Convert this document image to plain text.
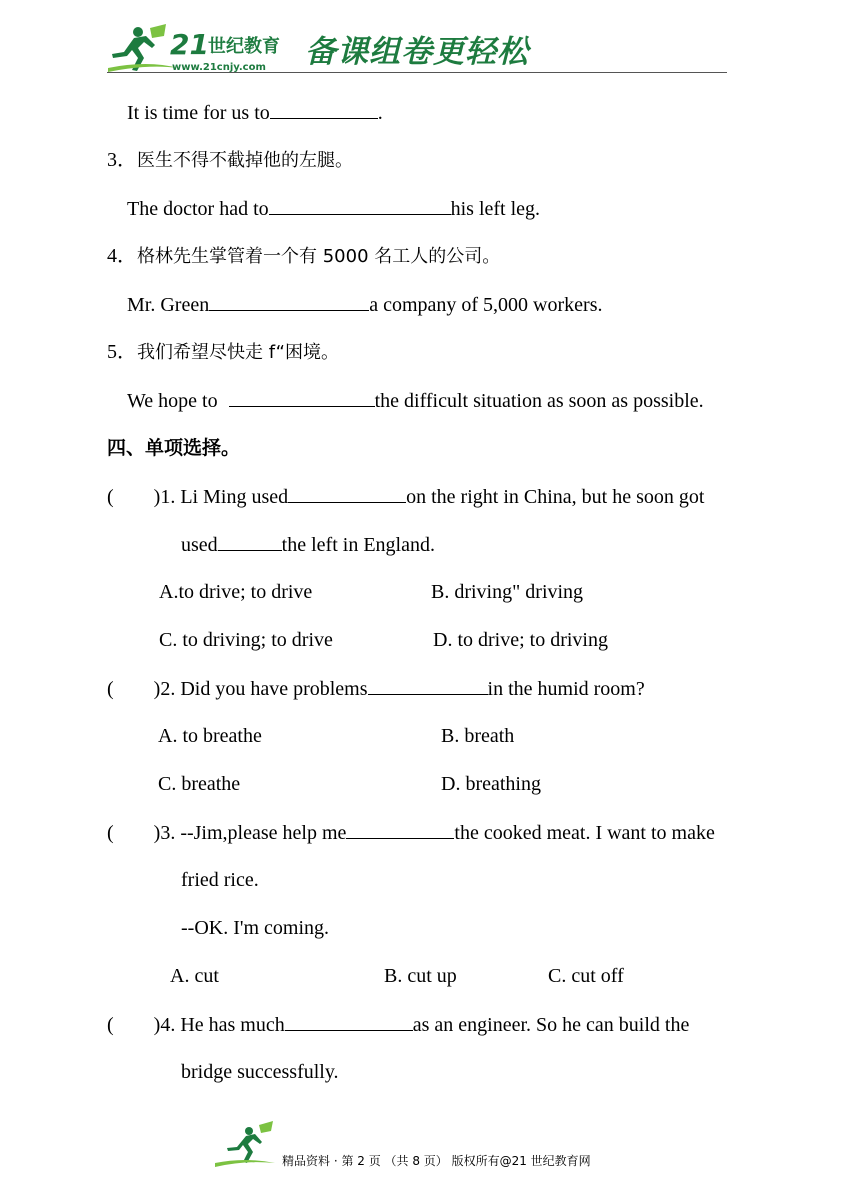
21 世纪教育
www.21cnjy.com 备课组卷更轻松
It is time for us to	.
3．医生不得不截掉他的左腿。
The doctor had to	his left leg.
4．格林先生掌管着一个有 5000 名工人的公司。
Mr. Green	a company of 5,000 workers.
5．我们希望尽快走 f“困境。
We hope to	the difficult situation as soon as possible.
四、单项选择。
(        )1. Li Ming used	on the right in China, but he soon got
used	the left in England.
A.to drive; to drive	B. driving" driving
C. to driving; to drive	D. to drive; to driving
(        )2. Did you have problems	in the humid room?
A. to breathe	B. breath
C. breathe	D. breathing
(        )3. --Jim,please help me	the cooked meat. I want to make
fried rice.
--OK. I'm coming.
A. cut	B. cut up	C. cut off
(        )4. He has much	as an engineer. So he can build the
bridge successfully.
精品资料 · 第 2 页 （共 8 页） 版权所有@21 世纪教育网
